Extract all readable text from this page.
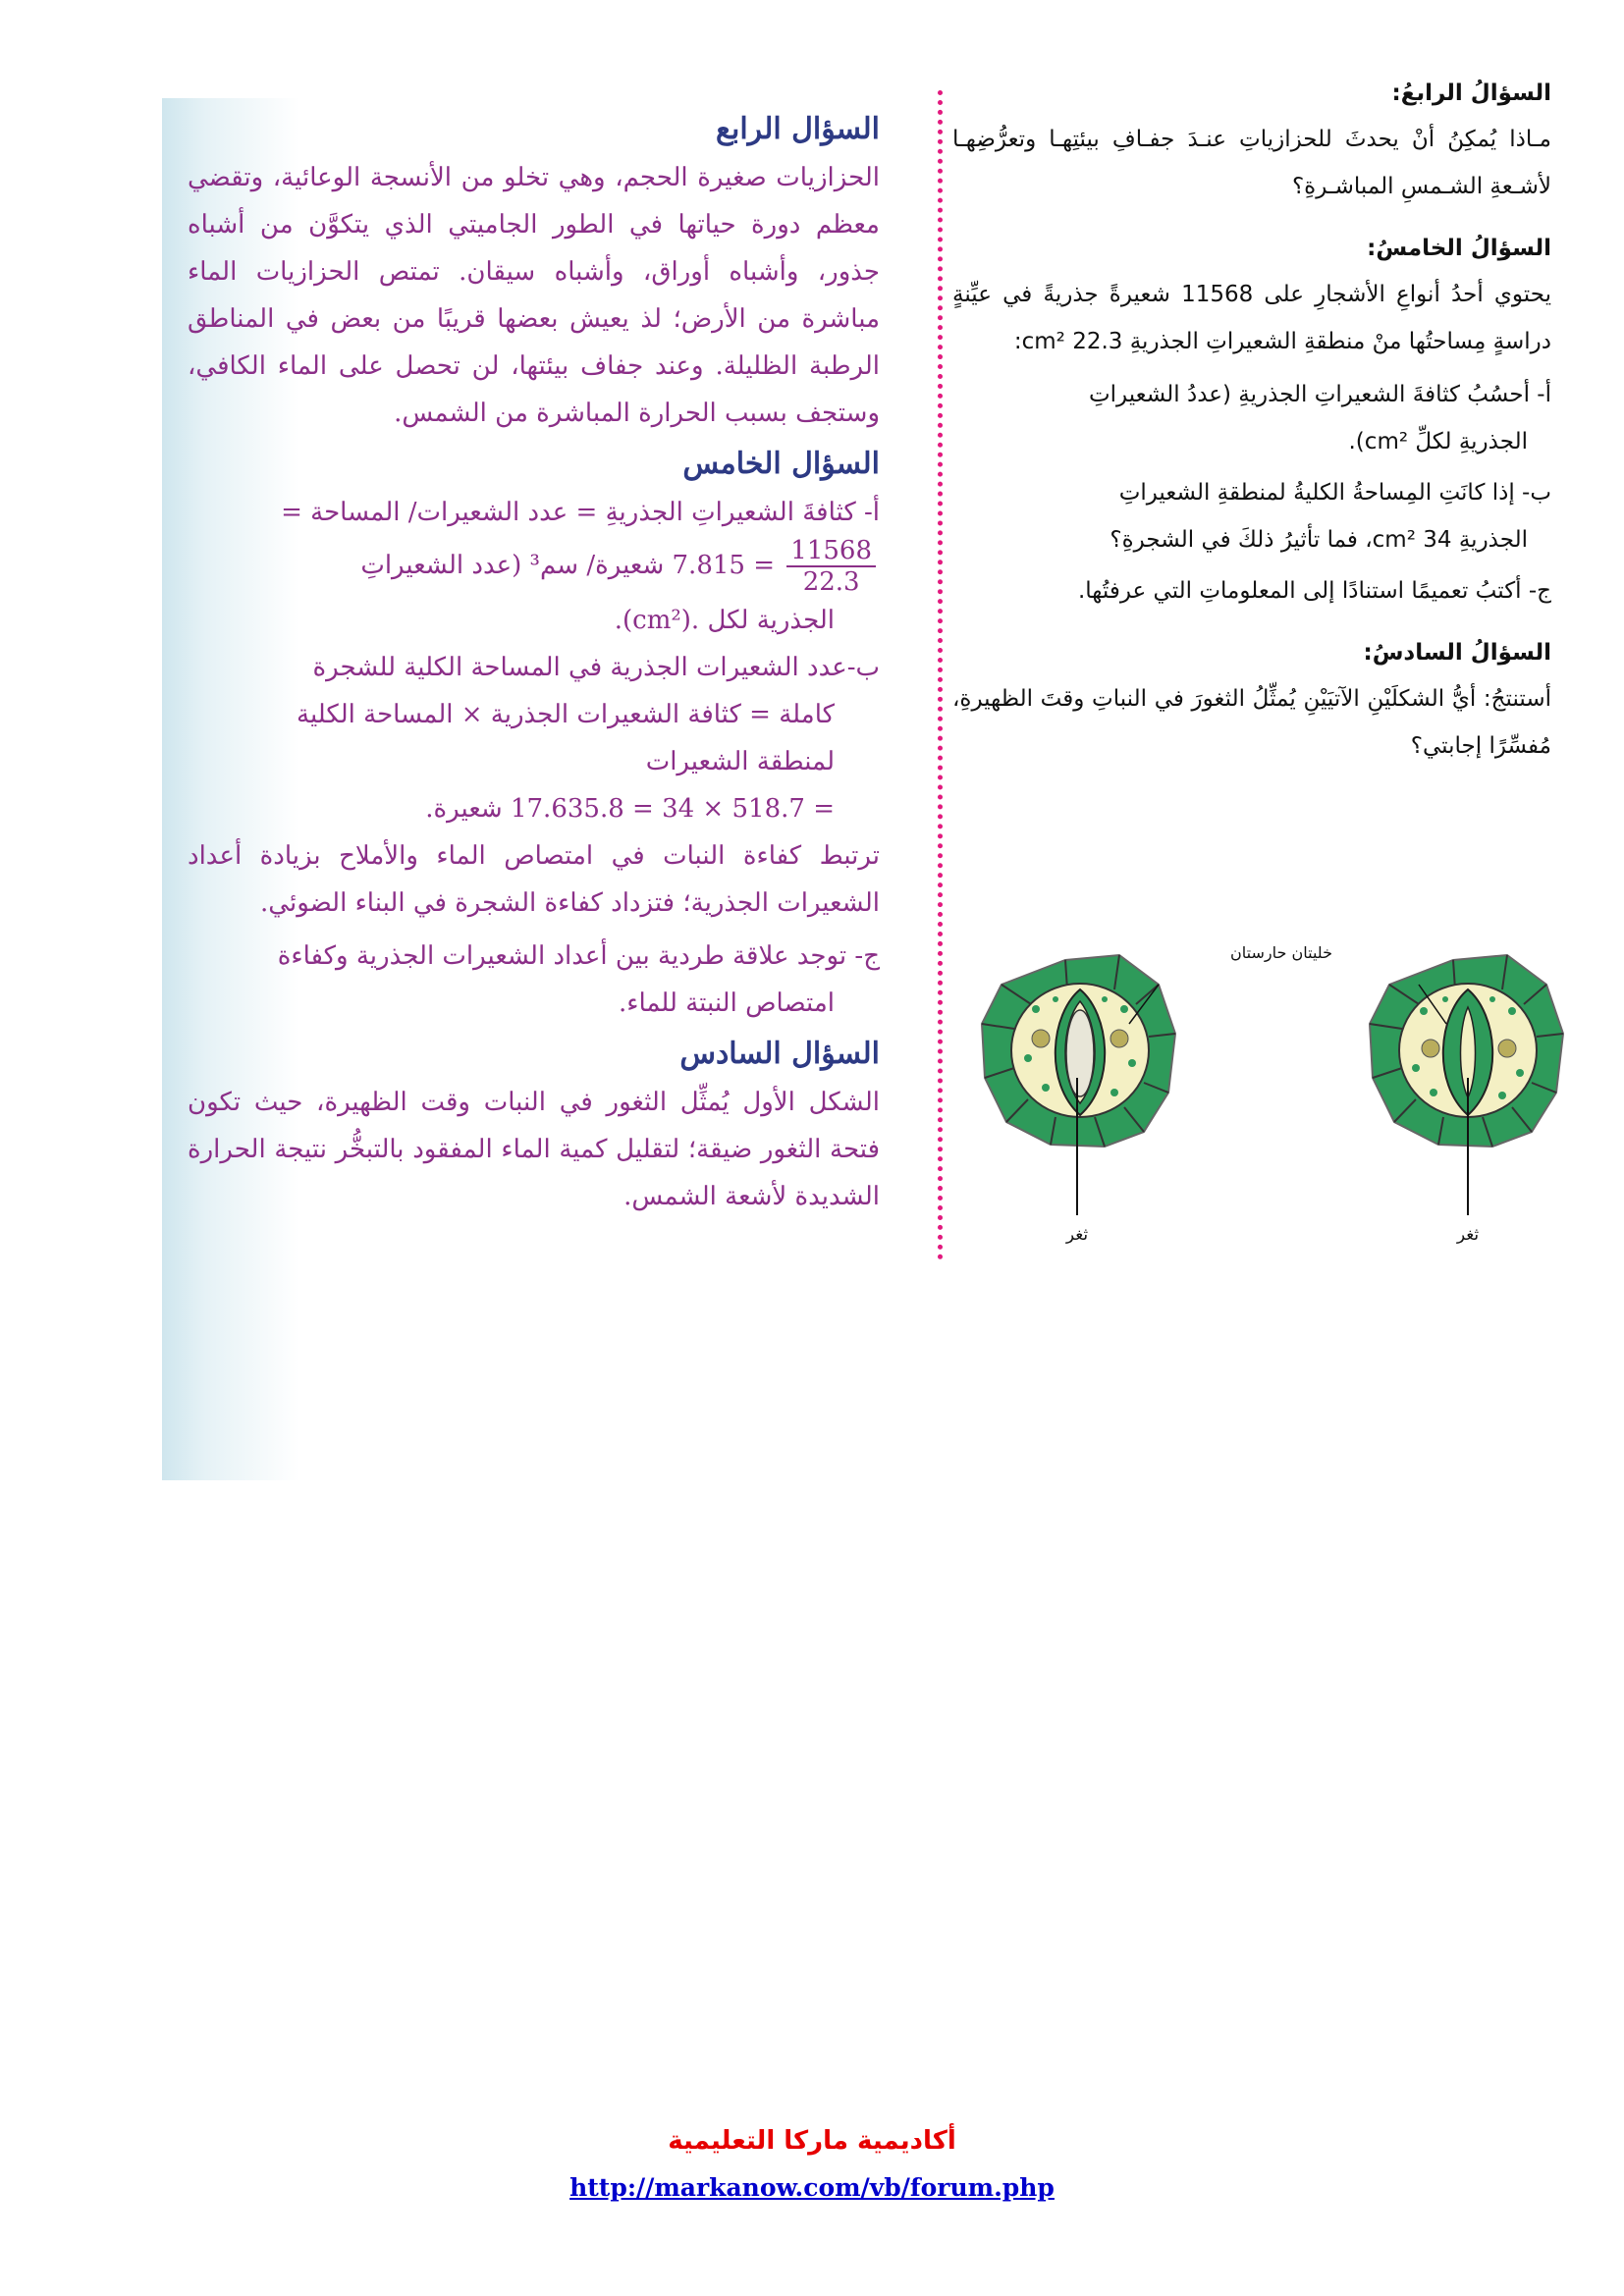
السؤالُ الرابعُ:
مـاذا يُمكِنُ أنْ يحدثَ للحزازياتِ عنـدَ جفـافِ بيئتِهـا وتعرُّضِهـا لأشـعةِ الشـمسِ المباشـرةِ؟
السؤالُ الخامسُ:
يحتوي أحدُ أنواعِ الأشجارِ على 11568 شعيرةً جذريةً في عيِّنةٍ دراسةٍ مِساحتُها منْ منطقةِ الشعيراتِ الجذريةِ 22.3 cm²:
أ- أحسُبُ كثافةَ الشعيراتِ الجذريةِ (عددُ الشعيراتِ
الجذريةِ لكلِّ cm²).
ب- إذا كانَتِ المِساحةُ الكليةُ لمنطقةِ الشعيراتِ
الجذريةِ 34 cm²، فما تأثيرُ ذلكَ في الشجرةِ؟
ج- أكتبُ تعميمًا استنادًا إلى المعلوماتِ التي عرفتُها.
السؤالُ السادسُ:
أستنتجُ: أيُّ الشكلَيْنِ الآتيَيْنِ يُمثِّلُ الثغورَ في النباتِ وقتَ الظهيرةِ، مُفسِّرًا إجابتي؟
ثغر	ثغر
خليتان حارستان
السؤال الرابع
الحزازيات صغيرة الحجم، وهي تخلو من الأنسجة الوعائية، وتقضي معظم دورة حياتها في الطور الجاميتي الذي يتكوَّن من أشباه جذور، وأشباه أوراق، وأشباه سيقان. تمتص الحزازيات الماء مباشرة من الأرض؛ لذ يعيش بعضها قريبًا من بعض في المناطق الرطبة الظليلة. وعند جفاف بيئتها، لن تحصل على الماء الكافي، وستجف بسبب الحرارة المباشرة من الشمس.
السؤال الخامس
أ- كثافةَ الشعيراتِ الجذريةِ = عدد الشعيرات/ المساحة =
$\frac{11568}{22.3}$
= 7.815 شعيرة/ سم³ (عدد الشعيراتِ
الجذرية لكل .(cm²).
ب-عدد الشعيرات الجذرية في المساحة الكلية للشجرة
كاملة = كثافة الشعيرات الجذرية × المساحة الكلية
لمنطقة الشعيرات
= 518.7 × 34 = 17.635.8 شعيرة.
ترتبط كفاءة النبات في امتصاص الماء والأملاح بزيادة أعداد الشعيرات الجذرية؛ فتزداد كفاءة الشجرة في البناء الضوئي.
ج- توجد علاقة طردية بين أعداد الشعيرات الجذرية وكفاءة
امتصاص النبتة للماء.
السؤال السادس
الشكل الأول يُمثِّل الثغور في النبات وقت الظهيرة، حيث تكون فتحة الثغور ضيقة؛ لتقليل كمية الماء المفقود بالتبخُّر نتيجة الحرارة الشديدة لأشعة الشمس.
أكاديمية ماركا التعليمية
http://markanow.com/vb/forum.php
